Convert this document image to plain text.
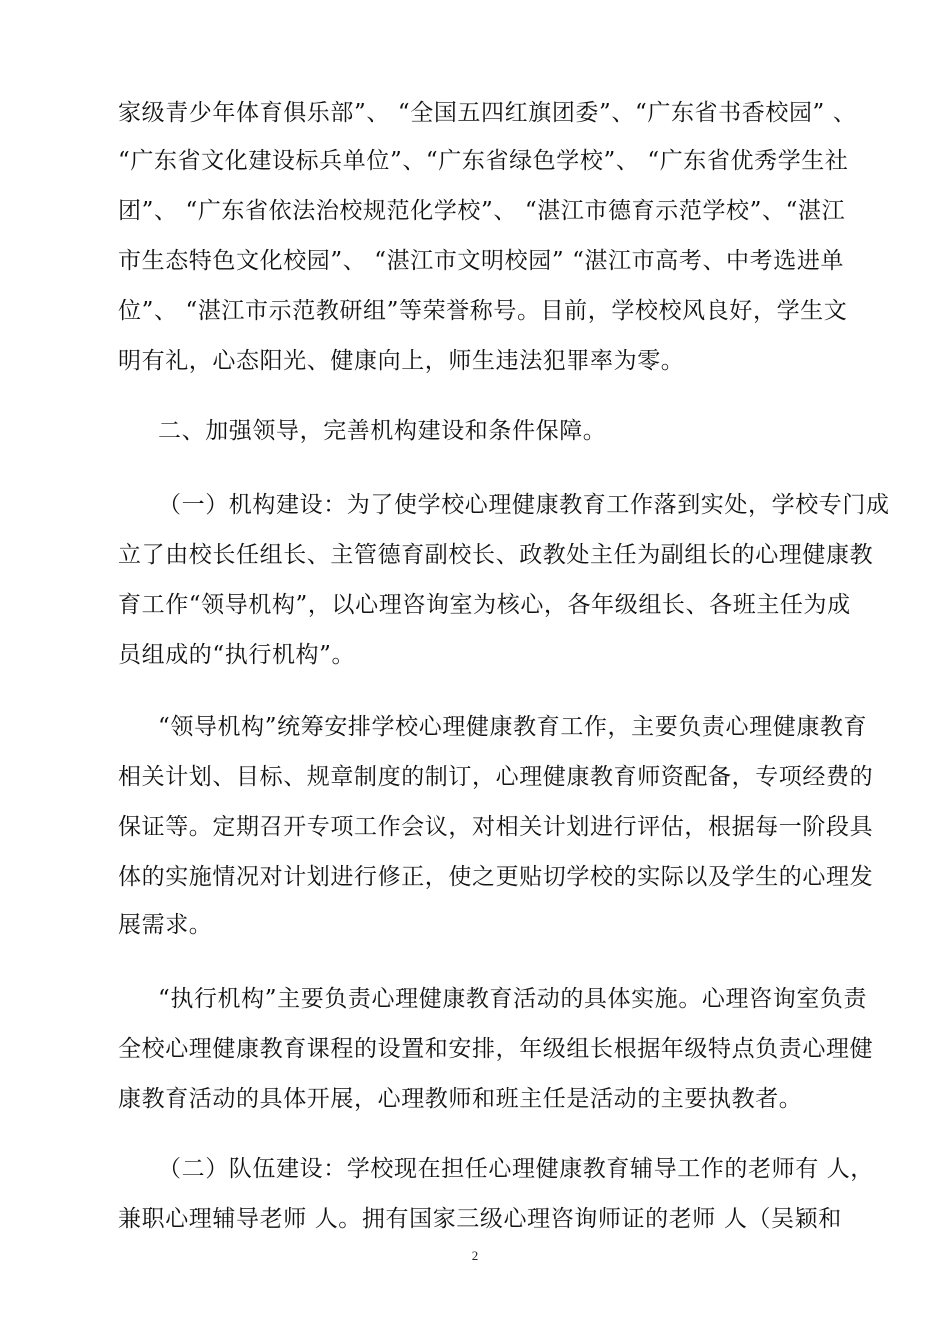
家级青少年体育俱乐部”、 “全国五四红旗团委”、“广东省书香校园” 、
“广东省文化建设标兵单位”、“广东省绿色学校”、 “广东省优秀学生社
团”、 “广东省依法治校规范化学校”、 “湛江市德育示范学校”、“湛江
市生态特色文化校园”、 “湛江市文明校园” “湛江市高考、中考选进单
位”、 “湛江市示范教研组”等荣誉称号。目前，学校校风良好，学生文
明有礼，心态阳光、健康向上，师生违法犯罪率为零。
二、加强领导，完善机构建设和条件保障。
（一）机构建设：为了使学校心理健康教育工作落到实处，学校专门成
立了由校长任组长、主管德育副校长、政教处主任为副组长的心理健康教
育工作“领导机构”，以心理咨询室为核心，各年级组长、各班主任为成
员组成的“执行机构”。
“领导机构”统筹安排学校心理健康教育工作，主要负责心理健康教育
相关计划、目标、规章制度的制订，心理健康教育师资配备，专项经费的
保证等。定期召开专项工作会议，对相关计划进行评估，根据每一阶段具
体的实施情况对计划进行修正，使之更贴切学校的实际以及学生的心理发
展需求。
“执行机构”主要负责心理健康教育活动的具体实施。心理咨询室负责
全校心理健康教育课程的设置和安排，年级组长根据年级特点负责心理健
康教育活动的具体开展，心理教师和班主任是活动的主要执教者。
（二）队伍建设：学校现在担任心理健康教育辅导工作的老师有 人，
兼职心理辅导老师 人。拥有国家三级心理咨询师证的老师 人（吴颖和
2
